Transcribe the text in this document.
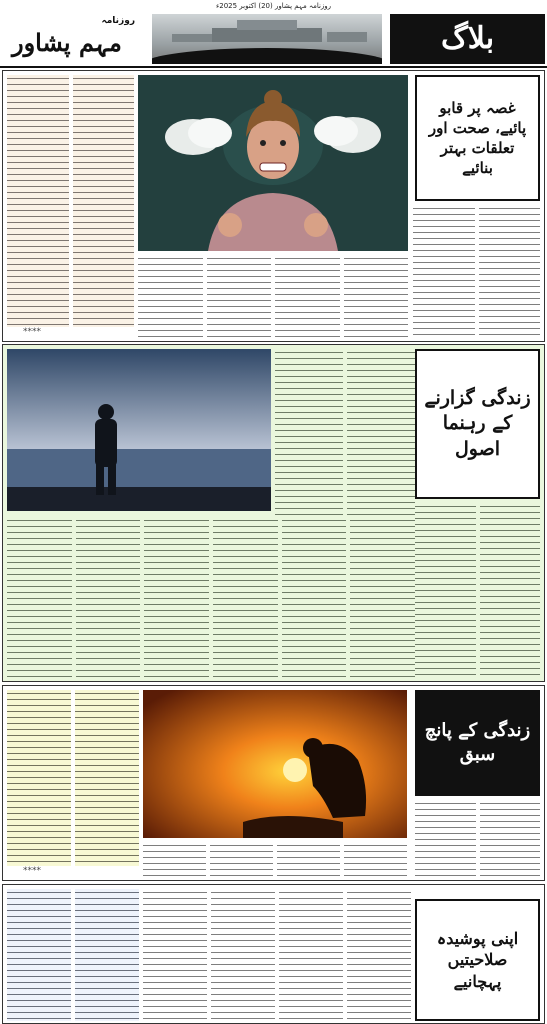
روزنامہ مہم پشاور (20) اکتوبر 2025ء
روزنامہ
مہم پشاور	بلاگ
غصہ پر قابو پائیے، صحت اور تعلقات بہتر بنائیے
****
زندگی گزارنے کے رہنما اصول
زندگی کے پانچ سبق
****
اپنی پوشیدہ صلاحیتیں پہچانیے
